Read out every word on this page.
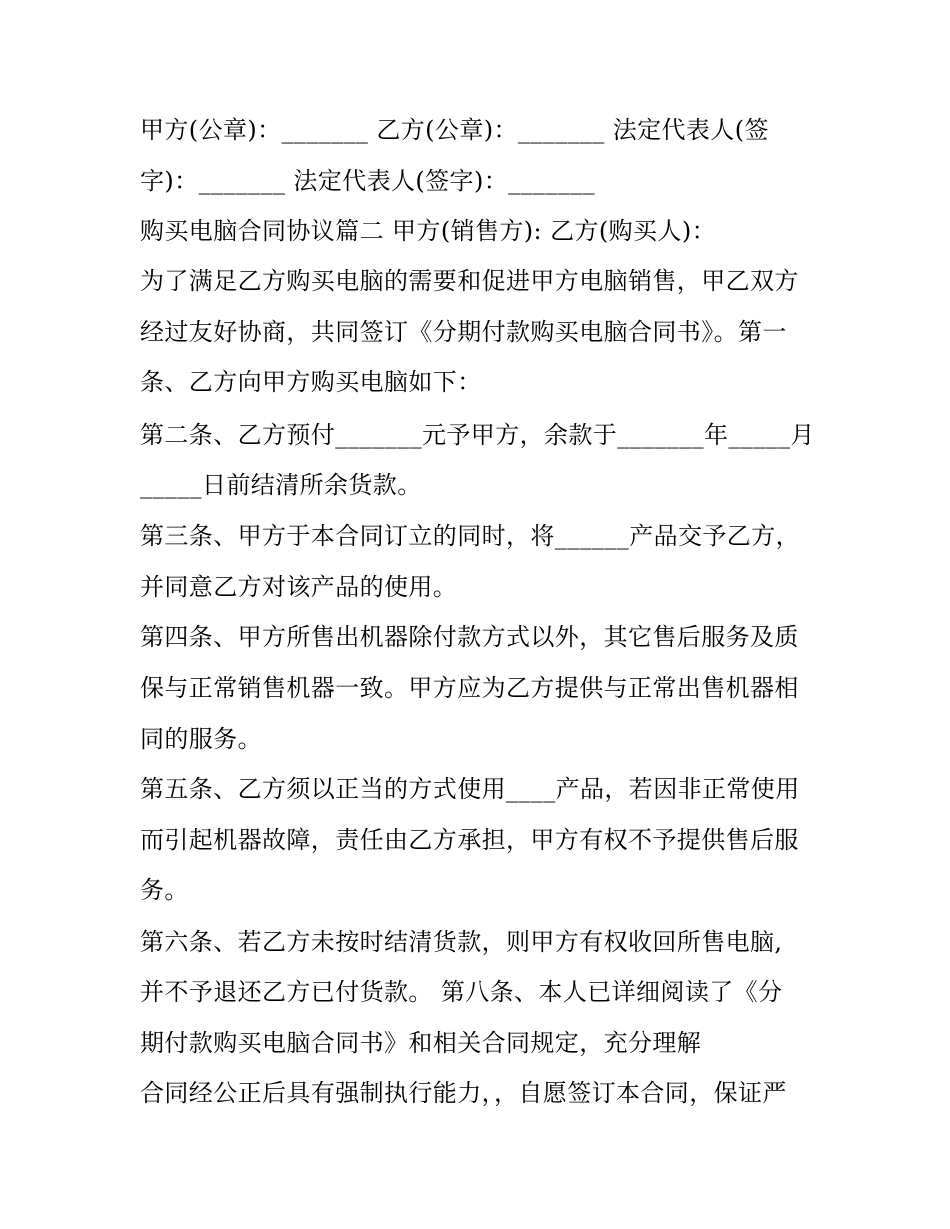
甲方(公章)：_______ 乙方(公章)：_______ 法定代表人(签
字)：_______ 法定代表人(签字)：_______
购买电脑合同协议篇二 甲方(销售方): 乙方(购买人)：
为了满足乙方购买电脑的需要和促进甲方电脑销售，甲乙双方
经过友好协商，共同签订《分期付款购买电脑合同书》。第一
条、乙方向甲方购买电脑如下：
第二条、乙方预付_______元予甲方，余款于_______年_____月
_____日前结清所余货款。
第三条、甲方于本合同订立的同时，将______产品交予乙方，
并同意乙方对该产品的使用。
第四条、甲方所售出机器除付款方式以外，其它售后服务及质
保与正常销售机器一致。甲方应为乙方提供与正常出售机器相
同的服务。
第五条、乙方须以正当的方式使用____产品，若因非正常使用
而引起机器故障，责任由乙方承担，甲方有权不予提供售后服
务。
第六条、若乙方未按时结清货款，则甲方有权收回所售电脑,
并不予退还乙方已付货款。 第八条、本人已详细阅读了《分
期付款购买电脑合同书》和相关合同规定，充分理解
合同经公正后具有强制执行能力，，自愿签订本合同，保证严
